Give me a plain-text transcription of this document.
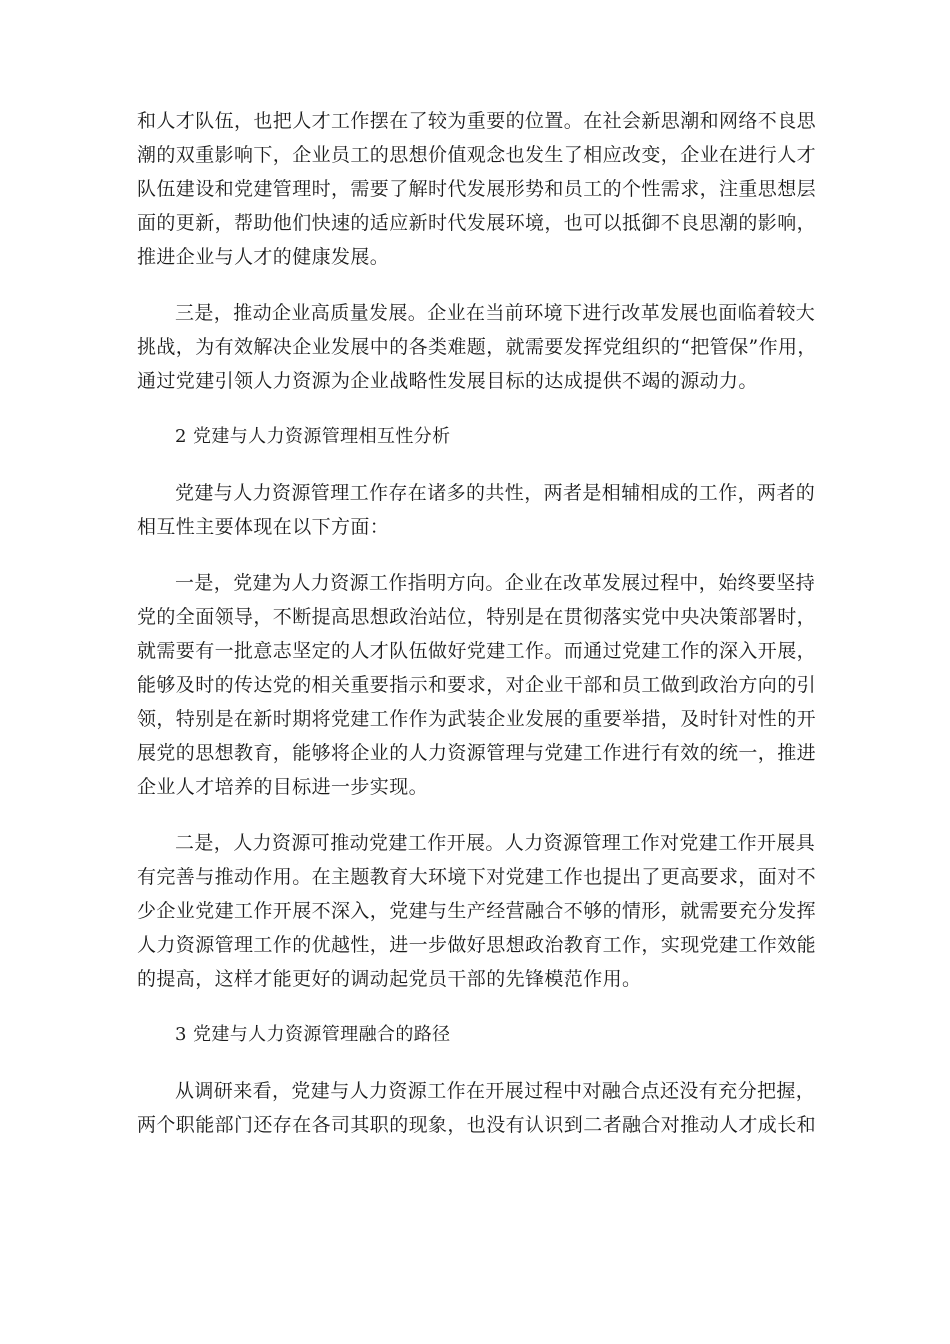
和人才队伍，也把人才工作摆在了较为重要的位置。在社会新思潮和网络不良思
潮的双重影响下，企业员工的思想价值观念也发生了相应改变，企业在进行人才
队伍建设和党建管理时，需要了解时代发展形势和员工的个性需求，注重思想层
面的更新，帮助他们快速的适应新时代发展环境，也可以抵御不良思潮的影响，
推进企业与人才的健康发展。

三是，推动企业高质量发展。企业在当前环境下进行改革发展也面临着较大
挑战，为有效解决企业发展中的各类难题，就需要发挥党组织的“把管保”作用，
通过党建引领人力资源为企业战略性发展目标的达成提供不竭的源动力。

2 党建与人力资源管理相互性分析

党建与人力资源管理工作存在诸多的共性，两者是相辅相成的工作，两者的
相互性主要体现在以下方面：

一是，党建为人力资源工作指明方向。企业在改革发展过程中，始终要坚持
党的全面领导，不断提高思想政治站位，特别是在贯彻落实党中央决策部署时，
就需要有一批意志坚定的人才队伍做好党建工作。而通过党建工作的深入开展，
能够及时的传达党的相关重要指示和要求，对企业干部和员工做到政治方向的引
领，特别是在新时期将党建工作作为武装企业发展的重要举措，及时针对性的开
展党的思想教育，能够将企业的人力资源管理与党建工作进行有效的统一，推进
企业人才培养的目标进一步实现。

二是，人力资源可推动党建工作开展。人力资源管理工作对党建工作开展具
有完善与推动作用。在主题教育大环境下对党建工作也提出了更高要求，面对不
少企业党建工作开展不深入，党建与生产经营融合不够的情形，就需要充分发挥
人力资源管理工作的优越性，进一步做好思想政治教育工作，实现党建工作效能
的提高，这样才能更好的调动起党员干部的先锋模范作用。

3 党建与人力资源管理融合的路径

从调研来看，党建与人力资源工作在开展过程中对融合点还没有充分把握，
两个职能部门还存在各司其职的现象，也没有认识到二者融合对推动人才成长和
